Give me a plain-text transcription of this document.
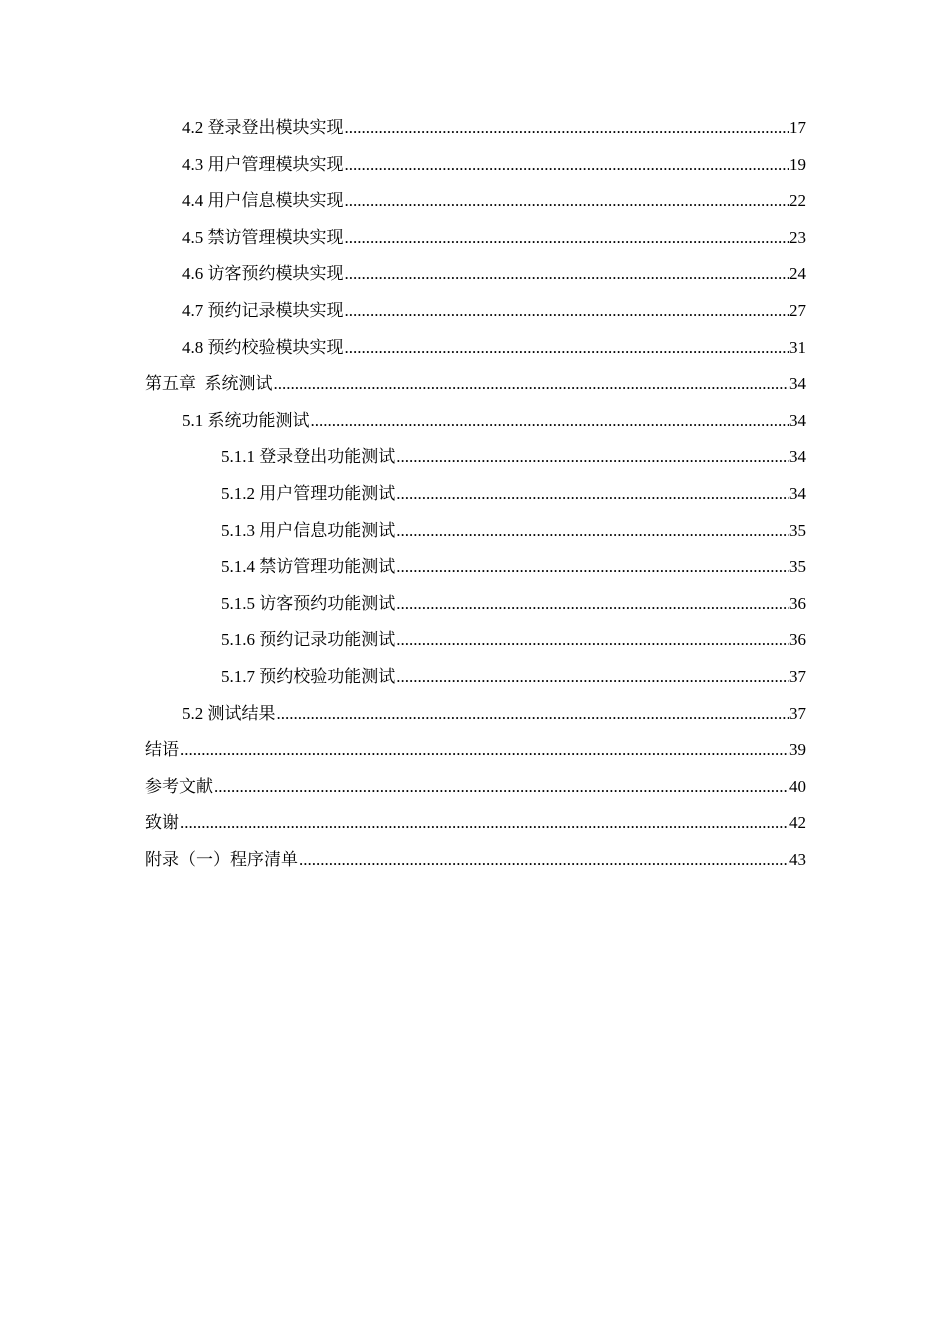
4.2 登录登出模块实现 .....	17
4.3 用户管理模块实现 .....	19
4.4 用户信息模块实现 .....	22
4.5 禁访管理模块实现 .....	23
4.6 访客预约模块实现 .....	24
4.7 预约记录模块实现 .....	27
4.8 预约校验模块实现 .....	31
第五章  系统测试 .....	34
5.1 系统功能测试 .....	34
5.1.1 登录登出功能测试 .....	34
5.1.2 用户管理功能测试 .....	34
5.1.3 用户信息功能测试 .....	35
5.1.4 禁访管理功能测试 .....	35
5.1.5 访客预约功能测试 .....	36
5.1.6 预约记录功能测试 .....	36
5.1.7 预约校验功能测试 .....	37
5.2 测试结果 .....	37
结语 .....	39
参考文献 .....	40
致谢 .....	42
附录（一）程序清单 .....	43
